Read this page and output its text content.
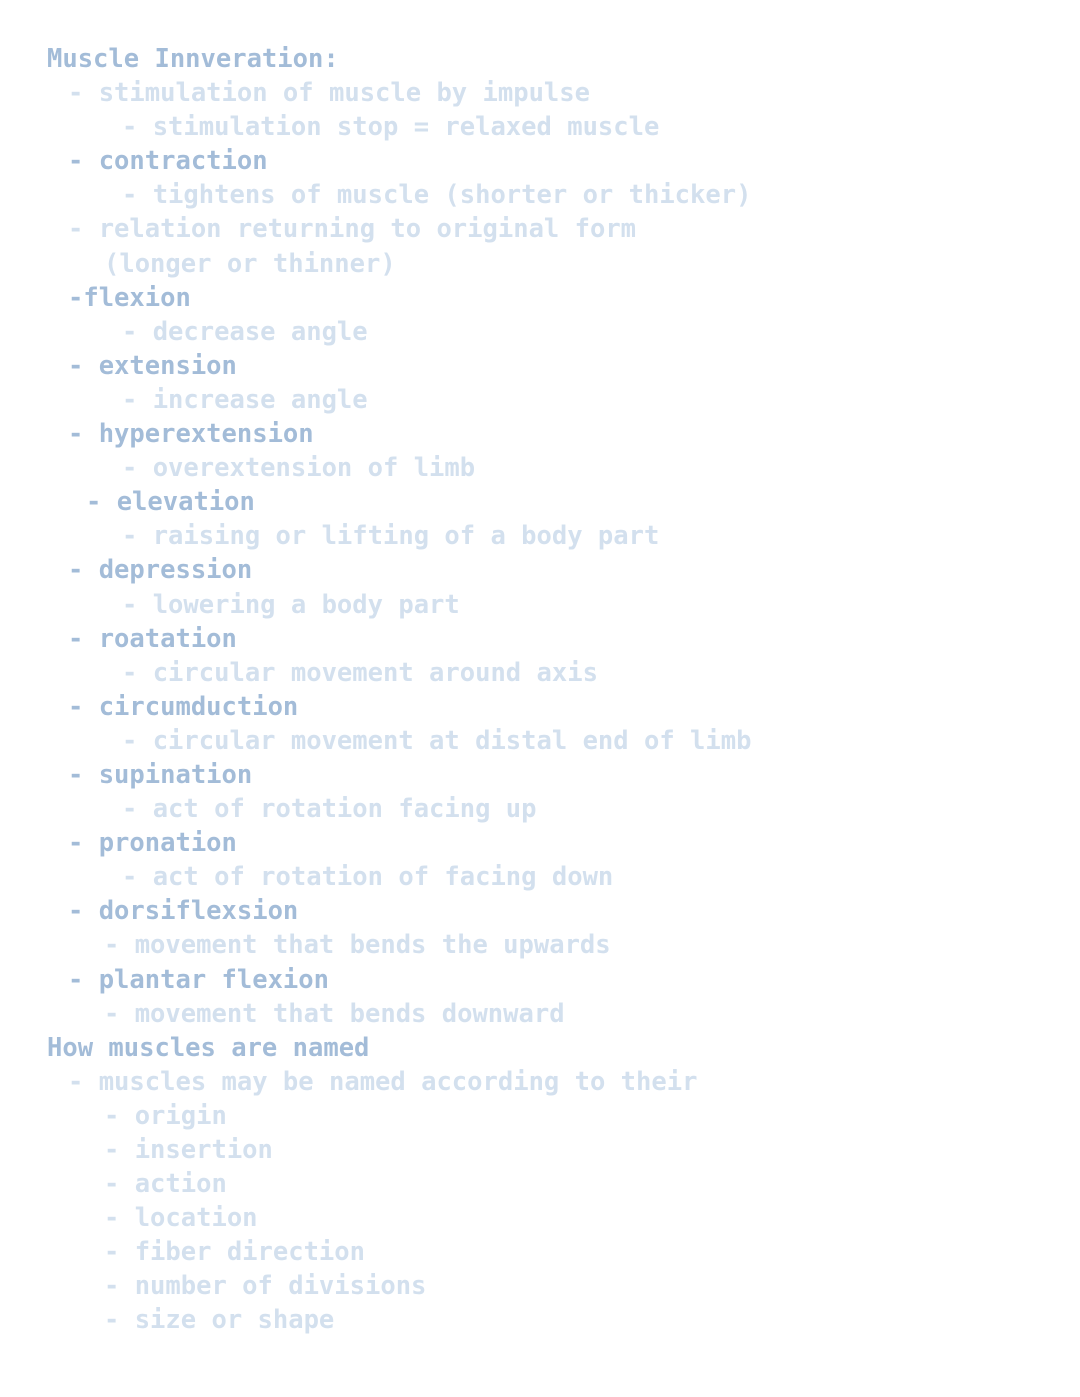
Muscle Innveration:
- stimulation of muscle by impulse
- stimulation stop = relaxed muscle
- contraction
- tightens of muscle (shorter or thicker)
- relation returning to original form
(longer or thinner)
-flexion
- decrease angle
- extension
- increase angle
- hyperextension
- overextension of limb
- elevation
- raising or lifting of a body part
- depression
- lowering a body part
- roatation
- circular movement around axis
- circumduction
- circular movement at distal end of limb
- supination
- act of rotation facing up
- pronation
- act of rotation of facing down
- dorsiflexsion
- movement that bends the upwards
- plantar flexion
- movement that bends downward
How muscles are named
- muscles may be named according to their
- origin
- insertion
- action
- location
- fiber direction
- number of divisions
- size or shape
